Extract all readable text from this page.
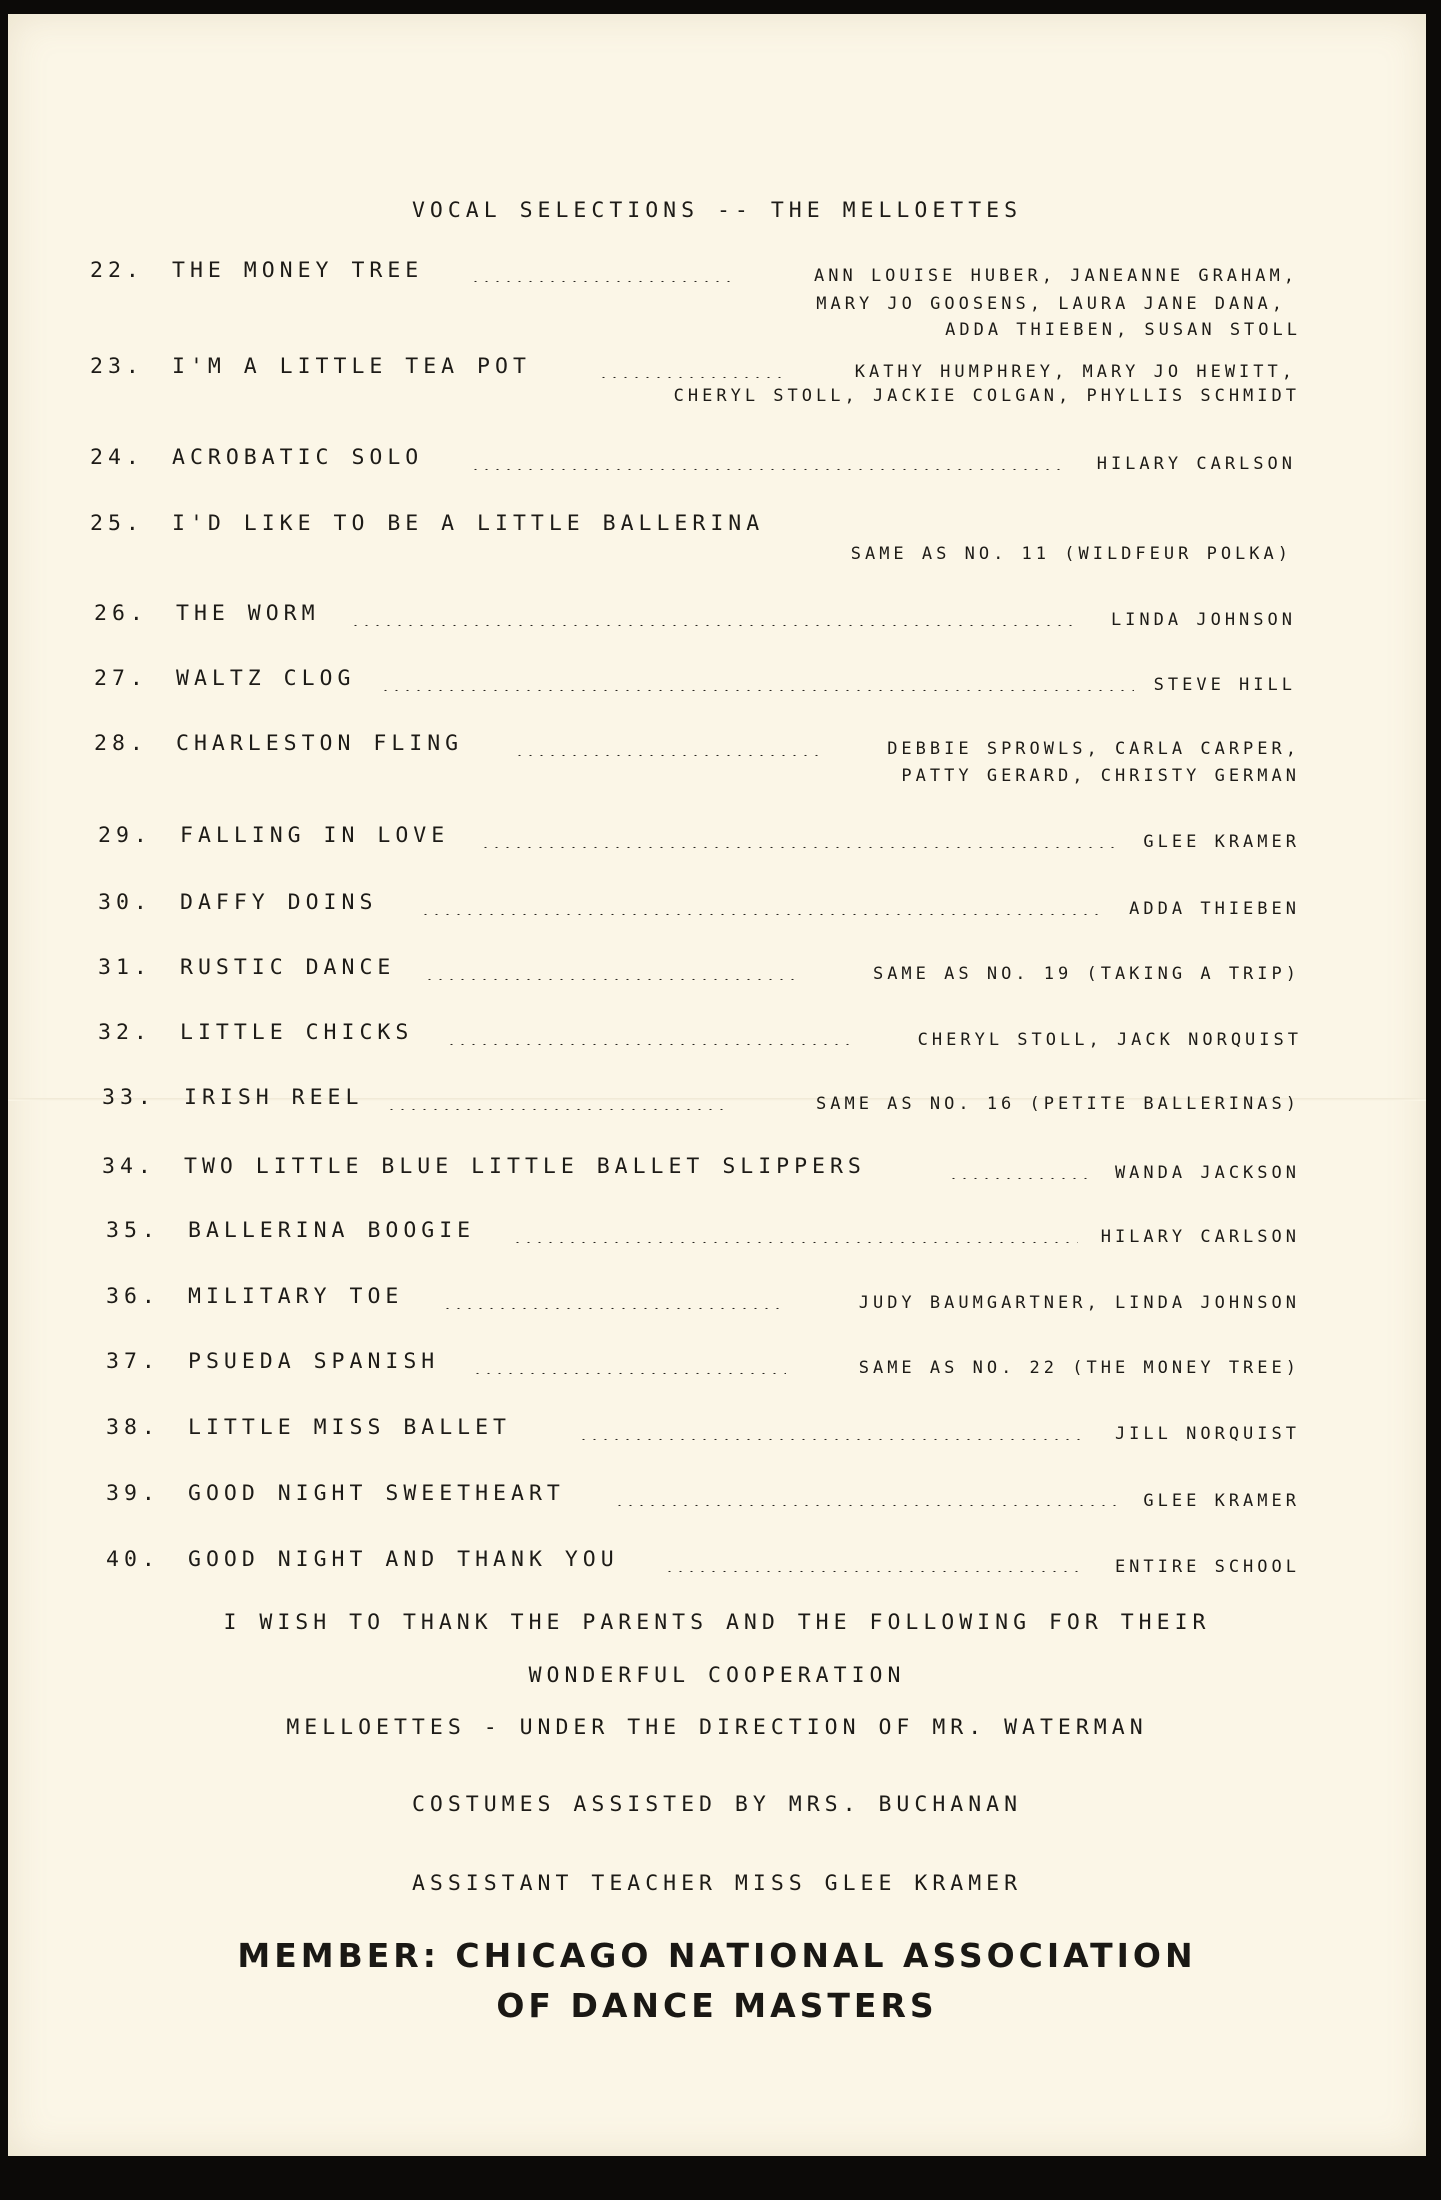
VOCAL SELECTIONS -- THE MELLOETTES
22. THE MONEY TREE	ANN LOUISE HUBER, JANEANNE GRAHAM,
MARY JO GOOSENS, LAURA JANE DANA,
ADDA THIEBEN, SUSAN STOLL
23. I'M A LITTLE TEA POT	KATHY HUMPHREY, MARY JO HEWITT,
CHERYL STOLL, JACKIE COLGAN, PHYLLIS SCHMIDT
24. ACROBATIC SOLO	HILARY CARLSON
25. I'D LIKE TO BE A LITTLE BALLERINA
SAME AS NO. 11 (WILDFEUR POLKA)
26. THE WORM	LINDA JOHNSON
27. WALTZ CLOG	STEVE HILL
28. CHARLESTON FLING	DEBBIE SPROWLS, CARLA CARPER,
PATTY GERARD, CHRISTY GERMAN
29. FALLING IN LOVE	GLEE KRAMER
30. DAFFY DOINS	ADDA THIEBEN
31. RUSTIC DANCE	SAME AS NO. 19 (TAKING A TRIP)
32. LITTLE CHICKS	CHERYL STOLL, JACK NORQUIST
33. IRISH REEL	SAME AS NO. 16 (PETITE BALLERINAS)
34. TWO LITTLE BLUE LITTLE BALLET SLIPPERS	WANDA JACKSON
35. BALLERINA BOOGIE	HILARY CARLSON
36. MILITARY TOE	JUDY BAUMGARTNER, LINDA JOHNSON
37. PSUEDA SPANISH	SAME AS NO. 22 (THE MONEY TREE)
38. LITTLE MISS BALLET	JILL NORQUIST
39. GOOD NIGHT SWEETHEART	GLEE KRAMER
40. GOOD NIGHT AND THANK YOU	ENTIRE SCHOOL
I WISH TO THANK THE PARENTS AND THE FOLLOWING FOR THEIR
WONDERFUL COOPERATION
MELLOETTES - UNDER THE DIRECTION OF MR. WATERMAN
COSTUMES ASSISTED BY MRS. BUCHANAN
ASSISTANT TEACHER MISS GLEE KRAMER
MEMBER: CHICAGO NATIONAL ASSOCIATION
OF DANCE MASTERS
